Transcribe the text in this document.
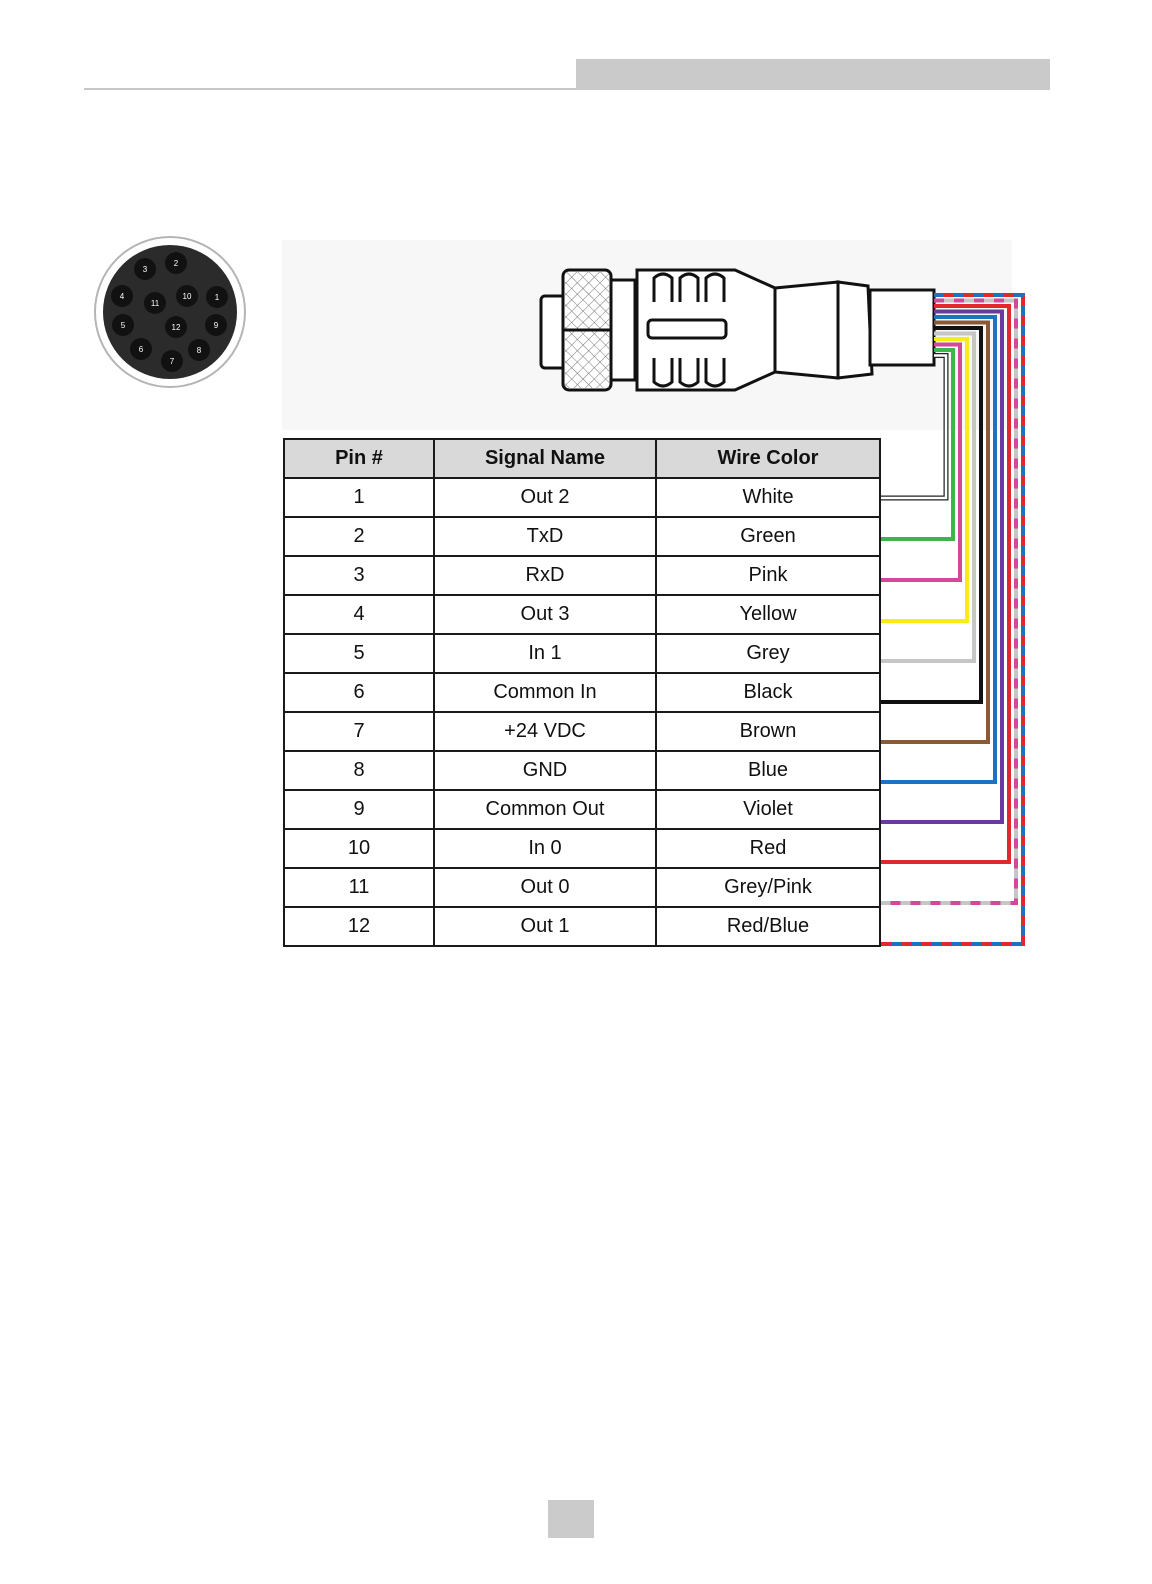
1
2
3
4
5
6
7
8
9
10
11
12
Pin #	Signal Name	Wire Color
1	Out 2	White
2	TxD	Green
3	RxD	Pink
4	Out 3	Yellow
5	In 1	Grey
6	Common In	Black
7	+24 VDC	Brown
8	GND	Blue
9	Common Out	Violet
10	In 0	Red
11	Out 0	Grey/Pink
12	Out 1	Red/Blue
